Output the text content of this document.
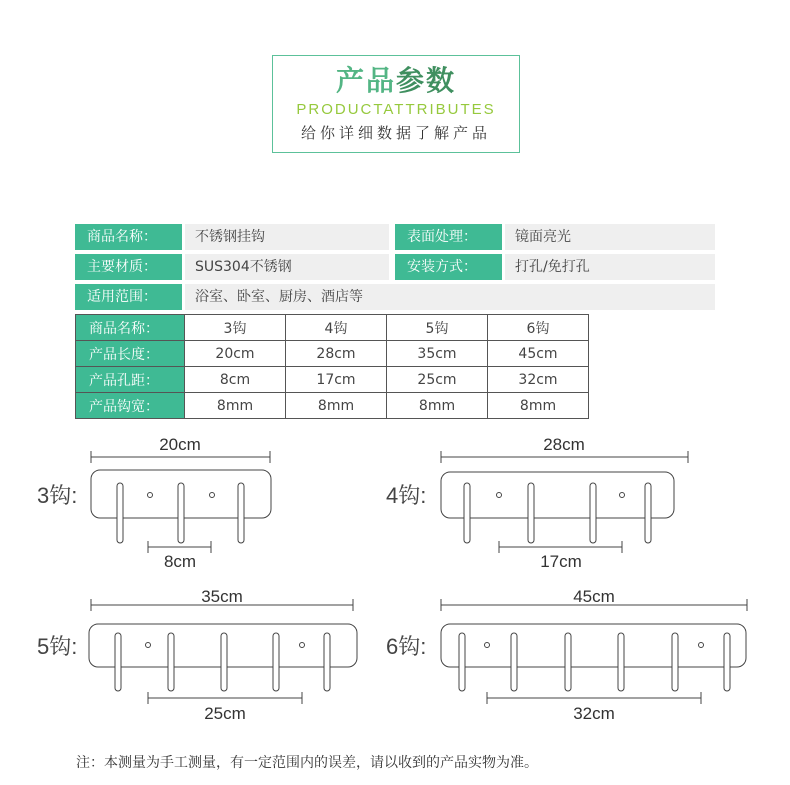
产品参数
PRODUCTATTRIBUTES
给你详细数据了解产品
商品名称：	不锈钢挂钩	表面处理：	镜面亮光
主要材质：	SUS304不锈钢	安装方式：	打孔/免打孔
适用范围：	浴室、卧室、厨房、酒店等
商品名称：	3钩	4钩	5钩	6钩
产品长度：	20cm	28cm	35cm	45cm
产品孔距：	8cm	17cm	25cm	32cm
产品钩宽：	8mm	8mm	8mm	8mm
20cm
3钩:
8cm
28cm
4钩:
17cm
35cm
5钩:
25cm
45cm
6钩:
32cm
注：本测量为手工测量，有一定范围内的误差，请以收到的产品实物为准。
